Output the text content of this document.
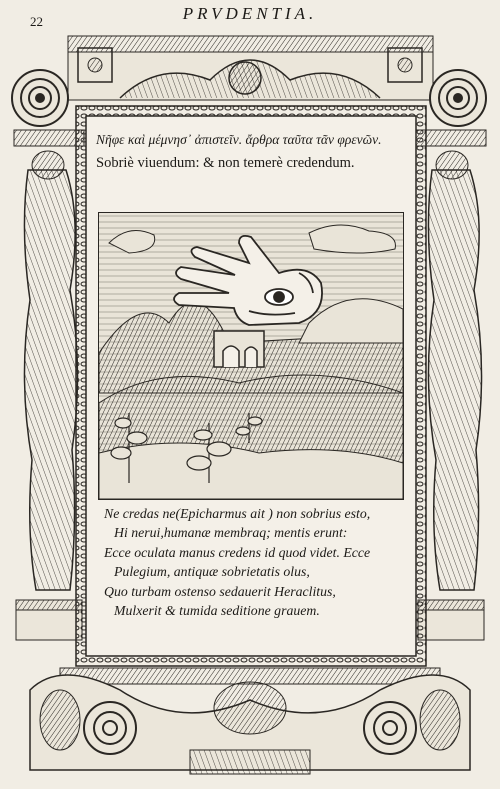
22	PRVDENTIA.
Νῆφε καὶ μέμνησ᾽ ἀπιστεῖν. ἄρθρα ταῦτα τᾶν φρενῶν. Sobriè viuendum: & non temerè credendum.
Ne credas ne(Epicharmus ait ) non sobrius esto,
Hi nerui,humanæ membraq; mentis erunt:
Ecce oculata manus credens id quod videt. Ecce
Pulegium, antiquæ sobrietatis olus,
Quo turbam ostenso sedauerit Heraclitus,
Mulxerit & tumida seditione grauem.
